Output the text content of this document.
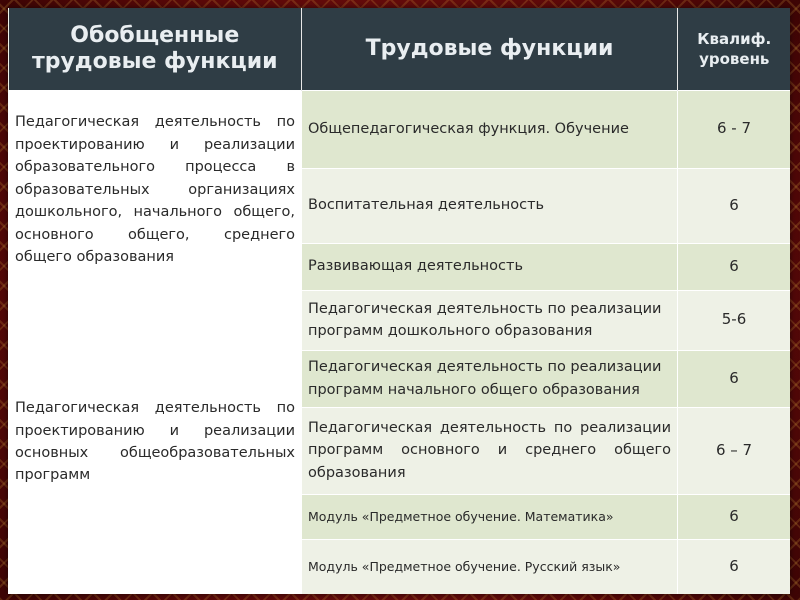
Обобщенные трудовые функции	Трудовые функции	Квалиф. уровень

Педагогическая деятельность по проектированию и реализации образовательного процесса в образовательных организациях дошкольного, начального общего, основного общего, среднего общего образования	Общепедагогическая функция. Обучение	6 - 7
	Воспитательная деятельность	6
	Развивающая деятельность	6

Педагогическая деятельность по проектированию и реализации основных общеобразовательных программ	Педагогическая деятельность по реализации программ дошкольного образования	5-6
	Педагогическая деятельность по реализации программ начального общего образования	6
	Педагогическая деятельность по реализации программ основного и среднего общего образования	6 – 7
	Модуль «Предметное обучение. Математика»	6
	Модуль «Предметное обучение. Русский язык»	6
